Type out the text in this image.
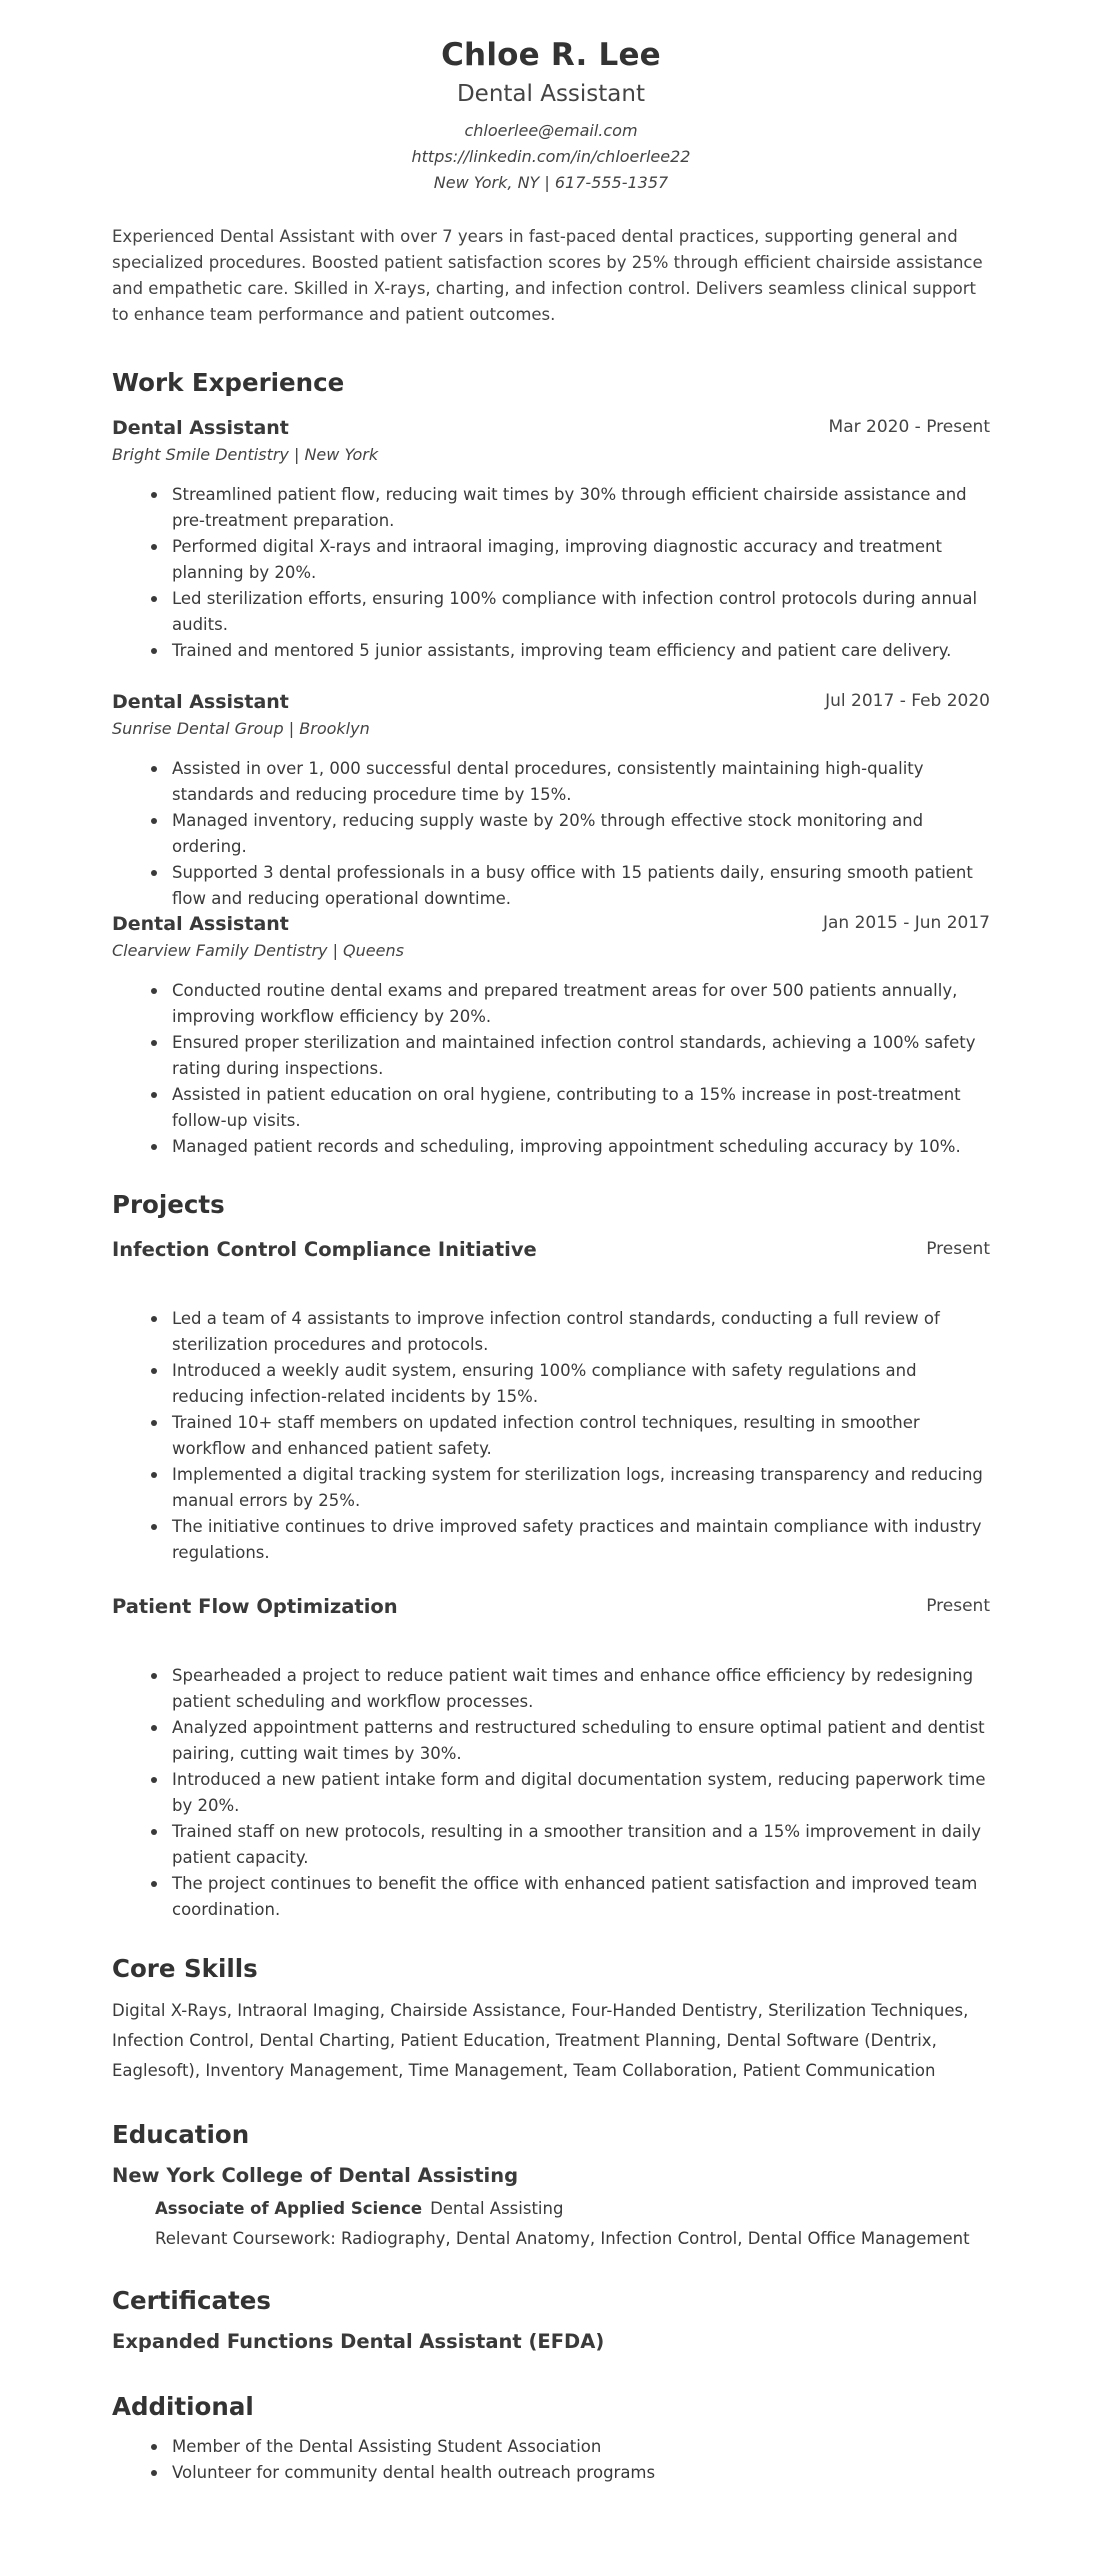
Chloe R. Lee
Dental Assistant
chloerlee@email.com
https://linkedin.com/in/chloerlee22
New York, NY | 617-555-1357
Experienced Dental Assistant with over 7 years in fast-paced dental practices, supporting general and specialized procedures. Boosted patient satisfaction scores by 25% through efficient chairside assistance and empathetic care. Skilled in X-rays, charting, and infection control. Delivers seamless clinical support to enhance team performance and patient outcomes.
Work Experience
Dental Assistant	Mar 2020 - Present
Bright Smile Dentistry | New York
Streamlined patient flow, reducing wait times by 30% through efficient chairside assistance and pre-treatment preparation.
Performed digital X-rays and intraoral imaging, improving diagnostic accuracy and treatment planning by 20%.
Led sterilization efforts, ensuring 100% compliance with infection control protocols during annual audits.
Trained and mentored 5 junior assistants, improving team efficiency and patient care delivery.
Dental Assistant	Jul 2017 - Feb 2020
Sunrise Dental Group | Brooklyn
Assisted in over 1, 000 successful dental procedures, consistently maintaining high-quality standards and reducing procedure time by 15%.
Managed inventory, reducing supply waste by 20% through effective stock monitoring and ordering.
Supported 3 dental professionals in a busy office with 15 patients daily, ensuring smooth patient flow and reducing operational downtime.
Dental Assistant	Jan 2015 - Jun 2017
Clearview Family Dentistry | Queens
Conducted routine dental exams and prepared treatment areas for over 500 patients annually, improving workflow efficiency by 20%.
Ensured proper sterilization and maintained infection control standards, achieving a 100% safety rating during inspections.
Assisted in patient education on oral hygiene, contributing to a 15% increase in post-treatment follow-up visits.
Managed patient records and scheduling, improving appointment scheduling accuracy by 10%.
Projects
Infection Control Compliance Initiative	Present
Led a team of 4 assistants to improve infection control standards, conducting a full review of sterilization procedures and protocols.
Introduced a weekly audit system, ensuring 100% compliance with safety regulations and reducing infection-related incidents by 15%.
Trained 10+ staff members on updated infection control techniques, resulting in smoother workflow and enhanced patient safety.
Implemented a digital tracking system for sterilization logs, increasing transparency and reducing manual errors by 25%.
The initiative continues to drive improved safety practices and maintain compliance with industry regulations.
Patient Flow Optimization	Present
Spearheaded a project to reduce patient wait times and enhance office efficiency by redesigning patient scheduling and workflow processes.
Analyzed appointment patterns and restructured scheduling to ensure optimal patient and dentist pairing, cutting wait times by 30%.
Introduced a new patient intake form and digital documentation system, reducing paperwork time by 20%.
Trained staff on new protocols, resulting in a smoother transition and a 15% improvement in daily patient capacity.
The project continues to benefit the office with enhanced patient satisfaction and improved team coordination.
Core Skills
Digital X-Rays, Intraoral Imaging, Chairside Assistance, Four-Handed Dentistry, Sterilization Techniques, Infection Control, Dental Charting, Patient Education, Treatment Planning, Dental Software (Dentrix, Eaglesoft), Inventory Management, Time Management, Team Collaboration, Patient Communication
Education
New York College of Dental Assisting
Associate of Applied Science Dental Assisting
Relevant Coursework: Radiography, Dental Anatomy, Infection Control, Dental Office Management
Certificates
Expanded Functions Dental Assistant (EFDA)
Additional
Member of the Dental Assisting Student Association
Volunteer for community dental health outreach programs
